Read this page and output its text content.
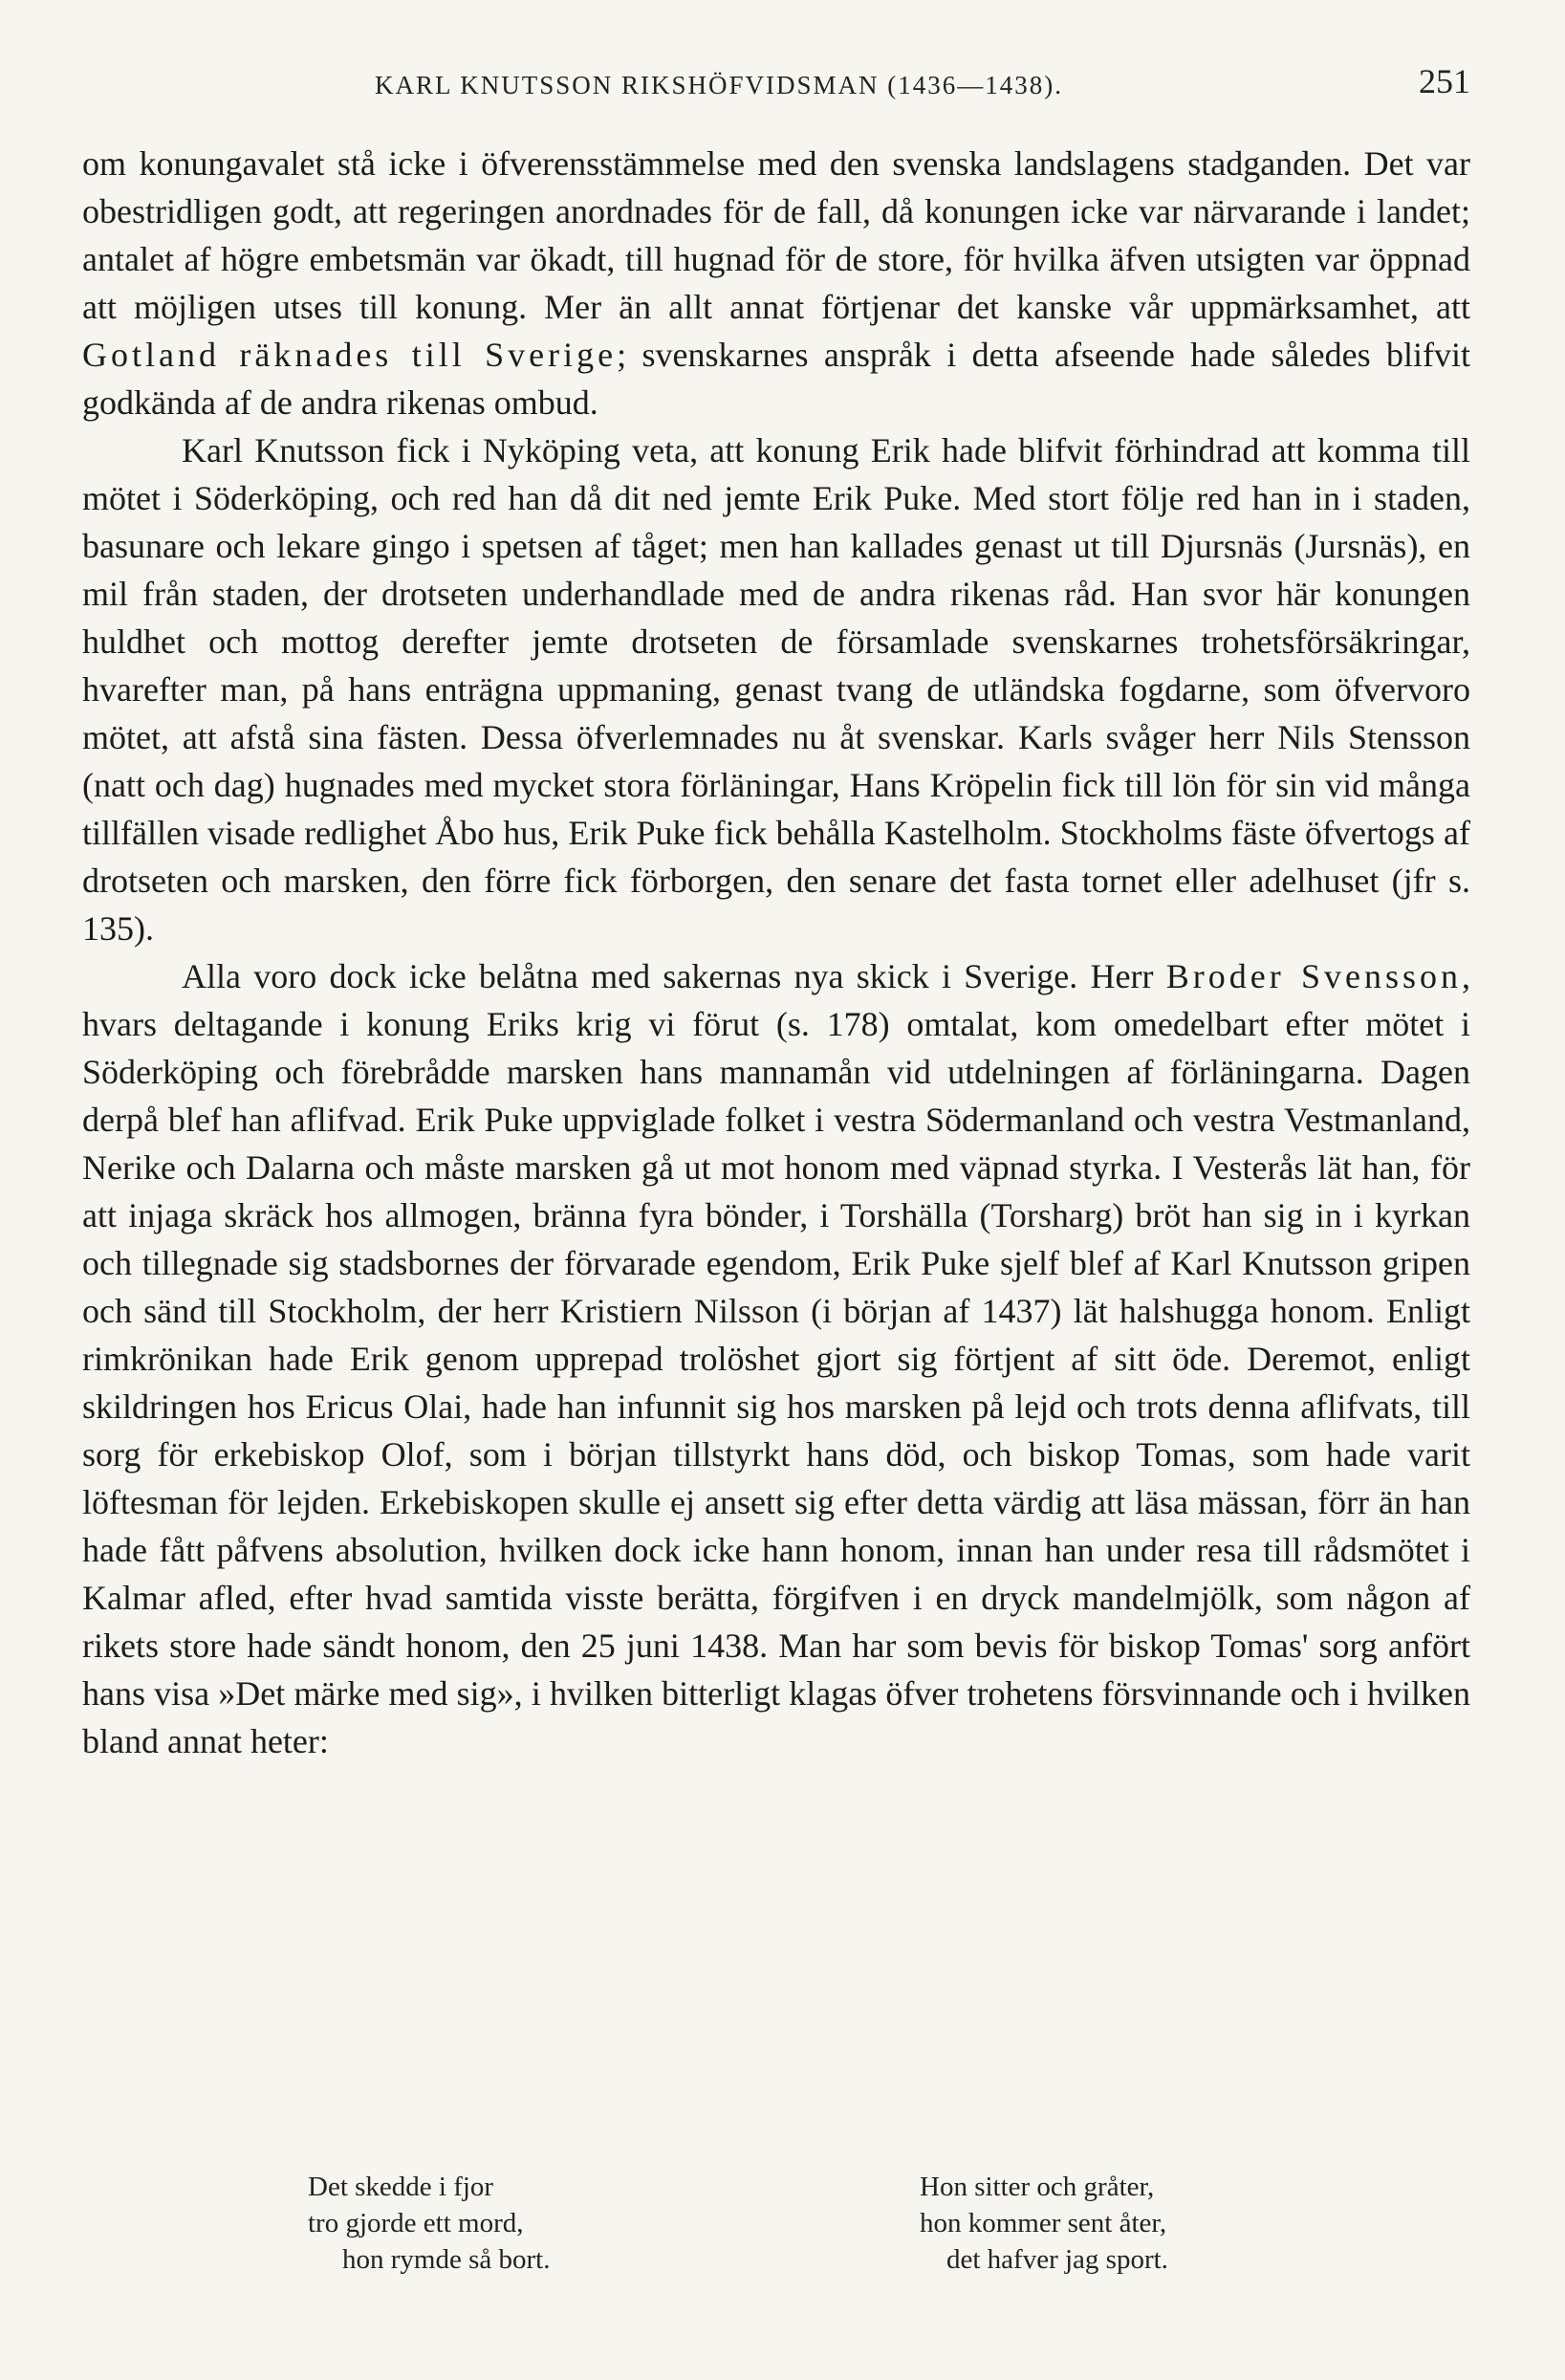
KARL KNUTSSON RIKSHÖFVIDSMAN (1436—1438).	251

om konungavalet stå icke i öfverensstämmelse med den svenska landslagens stadganden. Det var obestridligen godt, att regeringen anordnades för de fall, då konungen icke var närvarande i landet; antalet af högre embetsmän var ökadt, till hugnad för de store, för hvilka äfven utsigten var öppnad att möjligen utses till konung. Mer än allt annat förtjenar det kanske vår uppmärksamhet, att Gotland räknades till Sverige; svenskarnes anspråk i detta afseende hade således blifvit godkända af de andra rikenas ombud.

Karl Knutsson fick i Nyköping veta, att konung Erik hade blifvit förhindrad att komma till mötet i Söderköping, och red han då dit ned jemte Erik Puke. Med stort följe red han in i staden, basunare och lekare gingo i spetsen af tåget; men han kallades genast ut till Djursnäs (Jursnäs), en mil från staden, der drotseten underhandlade med de andra rikenas råd. Han svor här konungen huldhet och mottog derefter jemte drotseten de församlade svenskarnes trohetsförsäkringar, hvarefter man, på hans enträgna uppmaning, genast tvang de utländska fogdarne, som öfvervoro mötet, att afstå sina fästen. Dessa öfverlemnades nu åt svenskar. Karls svåger herr Nils Stensson (natt och dag) hugnades med mycket stora förläningar, Hans Kröpelin fick till lön för sin vid många tillfällen visade redlighet Åbo hus, Erik Puke fick behålla Kastelholm. Stockholms fäste öfvertogs af drotseten och marsken, den förre fick förborgen, den senare det fasta tornet eller adelhuset (jfr s. 135).

Alla voro dock icke belåtna med sakernas nya skick i Sverige. Herr Broder Svensson, hvars deltagande i konung Eriks krig vi förut (s. 178) omtalat, kom omedelbart efter mötet i Söderköping och förebrådde marsken hans mannamån vid utdelningen af förläningarna. Dagen derpå blef han aflifvad. Erik Puke uppviglade folket i vestra Södermanland och vestra Vestmanland, Nerike och Dalarna och måste marsken gå ut mot honom med väpnad styrka. I Vesterås lät han, för att injaga skräck hos allmogen, bränna fyra bönder, i Torshälla (Torsharg) bröt han sig in i kyrkan och tillegnade sig stadsbornes der förvarade egendom, Erik Puke sjelf blef af Karl Knutsson gripen och sänd till Stockholm, der herr Kristiern Nilsson (i början af 1437) lät halshugga honom. Enligt rimkrönikan hade Erik genom upprepad trolöshet gjort sig förtjent af sitt öde. Deremot, enligt skildringen hos Ericus Olai, hade han infunnit sig hos marsken på lejd och trots denna aflifvats, till sorg för erkebiskop Olof, som i början tillstyrkt hans död, och biskop Tomas, som hade varit löftesman för lejden. Erkebiskopen skulle ej ansett sig efter detta värdig att läsa mässan, förr än han hade fått påfvens absolution, hvilken dock icke hann honom, innan han under resa till rådsmötet i Kalmar afled, efter hvad samtida visste berätta, förgifven i en dryck mandelmjölk, som någon af rikets store hade sändt honom, den 25 juni 1438. Man har som bevis för biskop Tomas' sorg anfört hans visa »Det märke med sig», i hvilken bitterligt klagas öfver trohetens försvinnande och i hvilken bland annat heter:

Det skedde i fjor
tro gjorde ett mord,
hon rymde så bort.
Hon sitter och gråter,
hon kommer sent åter,
det hafver jag sport.
